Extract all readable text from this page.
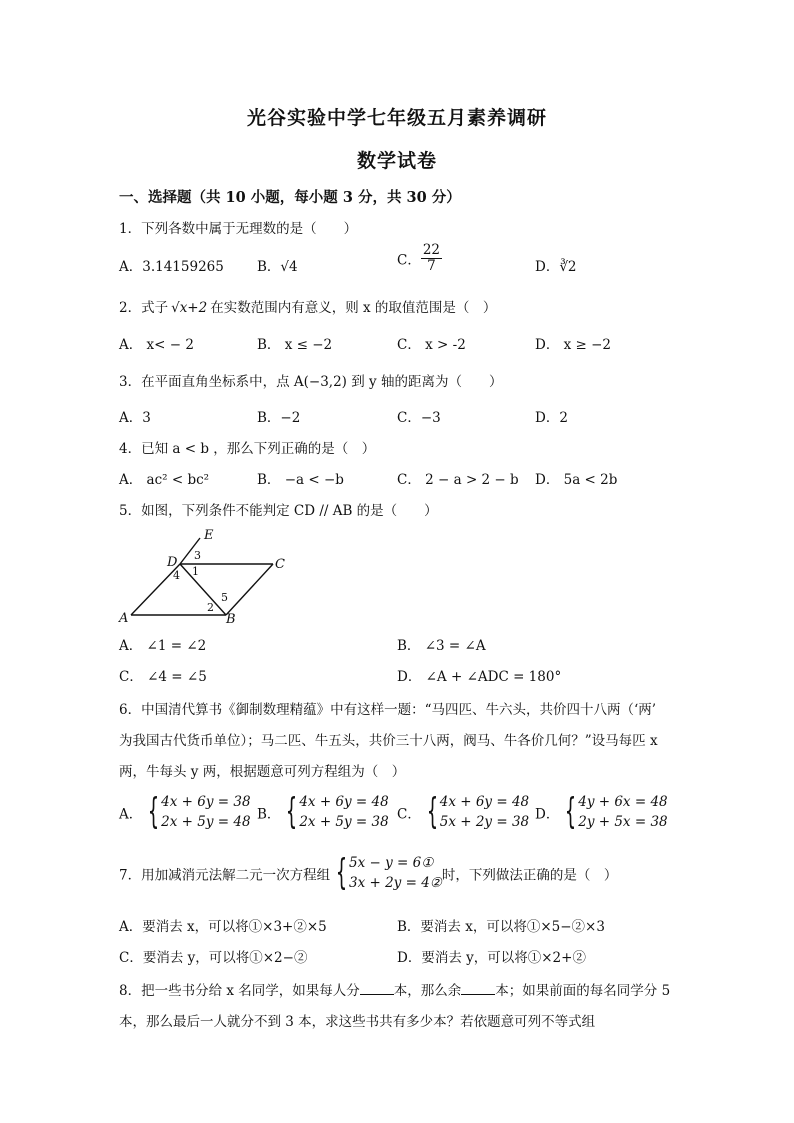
光谷实验中学七年级五月素养调研
数学试卷
一、选择题（共 10 小题，每小题 3 分，共 30 分）
1．下列各数中属于无理数的是（　　）
A．3.14159265 B．√4	C． $\frac{22}{7}$	D．∛2
2．式子 √x+2 在实数范围内有意义，则 x 的取值范围是（　）
A． x< − 2	B． x ≤ −2	C． x > -2	D． x ≥ −2
3．在平面直角坐标系中，点 A(−3,2) 到 y 轴的距离为（　　）
A．3	B．−2	C．−3	D．2
4．已知 a < b ，那么下列正确的是（　）
A． ac² < bc²	B． −a < −b	C． 2 − a > 2 − b D． 5a < 2b
5．如图，下列条件不能判定 CD // AB 的是（　　）
A	B
C
D
E
3
1
4
5
2
A． ∠1 = ∠2	B． ∠3 = ∠A
C． ∠4 = ∠5	D． ∠A + ∠ADC = 180°
6．中国清代算书《御制数理精蕴》中有这样一题：“马四匹、牛六头，共价四十八两（‘两’
为我国古代货币单位）；马二匹、牛五头，共价三十八两，阀马、牛各价几何？”设马每匹 x
两，牛每头 y 两，根据题意可列方程组为（　）
A． { 4x + 6y = 38
2x + 5y = 48 B． { 4x + 6y = 48
2x + 5y = 38 C． { 4x + 6y = 48
5x + 2y = 38 D． { 4y + 6x = 48
2y + 5x = 38
7．用加减消元法解二元一次方程组 { 5x − y = 6①
3x + 2y = 4② 时，下列做法正确的是（　）
A．要消去 x，可以将①×3+②×5	B．要消去 x，可以将①×5−②×3
C．要消去 y，可以将①×2−②	D．要消去 y，可以将①×2+②
8．把一些书分给 x 名同学，如果每人分	本，那么余	本；如果前面的每名同学分 5
本，那么最后一人就分不到 3 本，求这些书共有多少本？若依题意可列不等式组
